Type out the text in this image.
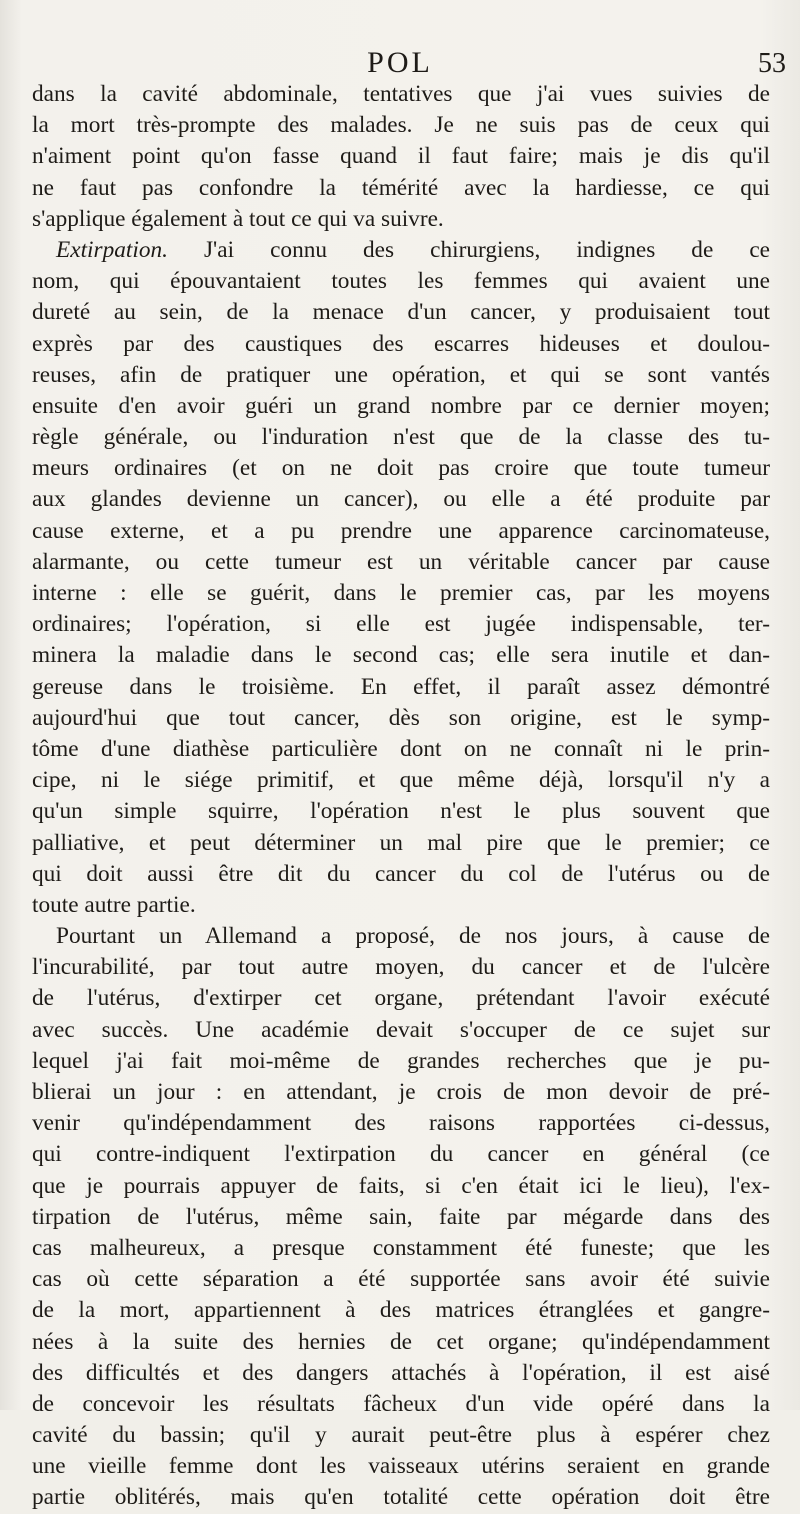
POL	53
dans la cavité abdominale, tentatives que j'ai vues suivies de
la mort très-prompte des malades. Je ne suis pas de ceux qui
n'aiment point qu'on fasse quand il faut faire; mais je dis qu'il
ne faut pas confondre la témérité avec la hardiesse, ce qui
s'applique également à tout ce qui va suivre.
Extirpation. J'ai connu des chirurgiens, indignes de ce
nom, qui épouvantaient toutes les femmes qui avaient une
dureté au sein, de la menace d'un cancer, y produisaient tout
exprès par des caustiques des escarres hideuses et doulou-
reuses, afin de pratiquer une opération, et qui se sont vantés
ensuite d'en avoir guéri un grand nombre par ce dernier moyen;
règle générale, ou l'induration n'est que de la classe des tu-
meurs ordinaires (et on ne doit pas croire que toute tumeur
aux glandes devienne un cancer), ou elle a été produite par
cause externe, et a pu prendre une apparence carcinomateuse,
alarmante, ou cette tumeur est un véritable cancer par cause
interne : elle se guérit, dans le premier cas, par les moyens
ordinaires; l'opération, si elle est jugée indispensable, ter-
minera la maladie dans le second cas; elle sera inutile et dan-
gereuse dans le troisième. En effet, il paraît assez démontré
aujourd'hui que tout cancer, dès son origine, est le symp-
tôme d'une diathèse particulière dont on ne connaît ni le prin-
cipe, ni le siége primitif, et que même déjà, lorsqu'il n'y a
qu'un simple squirre, l'opération n'est le plus souvent que
palliative, et peut déterminer un mal pire que le premier; ce
qui doit aussi être dit du cancer du col de l'utérus ou de
toute autre partie.
Pourtant un Allemand a proposé, de nos jours, à cause de
l'incurabilité, par tout autre moyen, du cancer et de l'ulcère
de l'utérus, d'extirper cet organe, prétendant l'avoir exécuté
avec succès. Une académie devait s'occuper de ce sujet sur
lequel j'ai fait moi-même de grandes recherches que je pu-
blierai un jour : en attendant, je crois de mon devoir de pré-
venir qu'indépendamment des raisons rapportées ci-dessus,
qui contre-indiquent l'extirpation du cancer en général (ce
que je pourrais appuyer de faits, si c'en était ici le lieu), l'ex-
tirpation de l'utérus, même sain, faite par mégarde dans des
cas malheureux, a presque constamment été funeste; que les
cas où cette séparation a été supportée sans avoir été suivie
de la mort, appartiennent à des matrices étranglées et gangre-
nées à la suite des hernies de cet organe; qu'indépendamment
des difficultés et des dangers attachés à l'opération, il est aisé
de concevoir les résultats fâcheux d'un vide opéré dans la
cavité du bassin; qu'il y aurait peut-être plus à espérer chez
une vieille femme dont les vaisseaux utérins seraient en grande
partie oblitérés, mais qu'en totalité cette opération doit être
